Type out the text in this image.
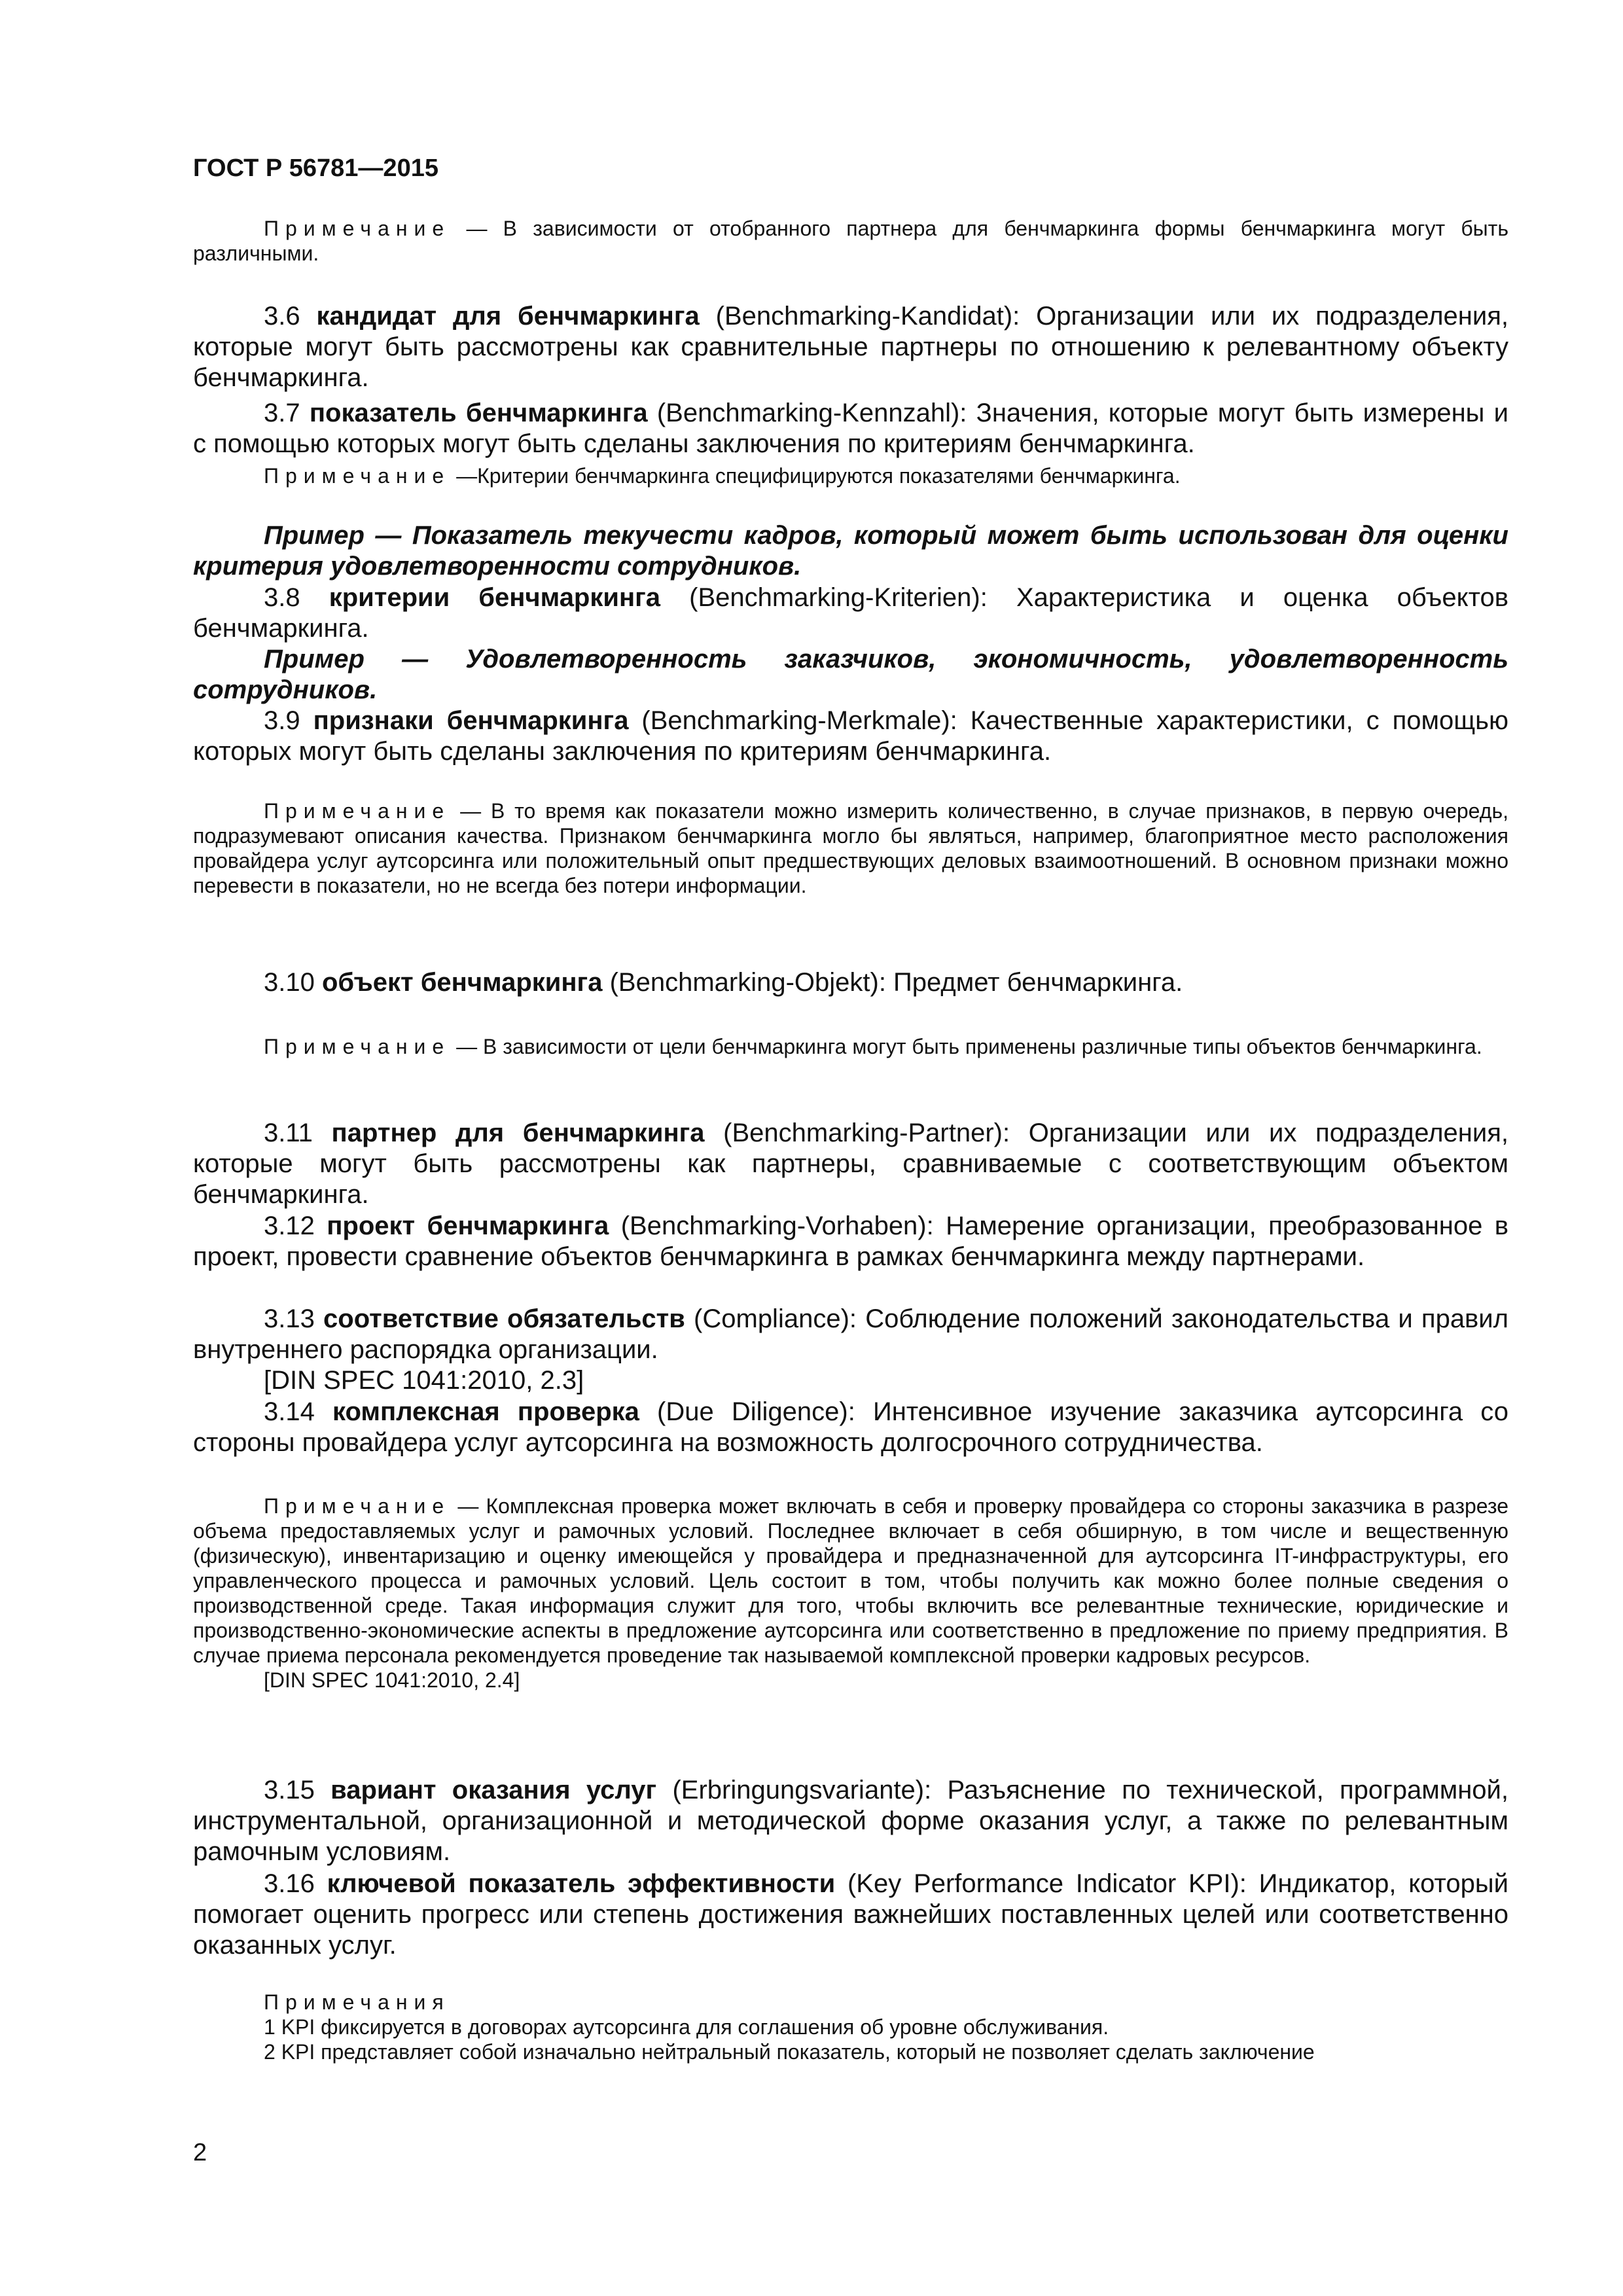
ГОСТ Р 56781—2015

Примечание — В зависимости от отобранного партнера для бенчмаркинга формы бенчмаркинга могут быть различными.

3.6 кандидат для бенчмаркинга (Benchmarking-Kandidat): Организации или их подразделения, которые могут быть рассмотрены как сравнительные партнеры по отношению к релевантному объекту бенчмаркинга.

3.7 показатель бенчмаркинга (Benchmarking-Kennzahl): Значения, которые могут быть измерены и с помощью которых могут быть сделаны заключения по критериям бенчмаркинга.

Примечание —Критерии бенчмаркинга специфицируются показателями бенчмаркинга.

Пример — Показатель текучести кадров, который может быть использован для оценки критерия удовлетворенности сотрудников.

3.8 критерии бенчмаркинга (Benchmarking-Kriterien): Характеристика и оценка объектов бенчмаркинга.

Пример — Удовлетворенность заказчиков, экономичность, удовлетворенность сотрудников.

3.9 признаки бенчмаркинга (Benchmarking-Merkmale): Качественные характеристики, с помощью которых могут быть сделаны заключения по критериям бенчмаркинга.

Примечание — В то время как показатели можно измерить количественно, в случае признаков, в первую очередь, подразумевают описания качества. Признаком бенчмаркинга могло бы являться, например, благоприятное место расположения провайдера услуг аутсорсинга или положительный опыт предшествующих деловых взаимоотношений. В основном признаки можно перевести в показатели, но не всегда без потери информации.

3.10 объект бенчмаркинга (Benchmarking-Objekt): Предмет бенчмаркинга.

Примечание — В зависимости от цели бенчмаркинга могут быть применены различные типы объектов бенчмаркинга.

3.11 партнер для бенчмаркинга (Benchmarking-Partner): Организации или их подразделения, которые могут быть рассмотрены как партнеры, сравниваемые с соответствующим объектом бенчмаркинга.

3.12 проект бенчмаркинга (Benchmarking-Vorhaben): Намерение организации, преобразованное в проект, провести сравнение объектов бенчмаркинга в рамках бенчмаркинга между партнерами.

3.13 соответствие обязательств (Compliance): Соблюдение положений законодательства и правил внутреннего распорядка организации.

[DIN SPEC 1041:2010, 2.3]

3.14 комплексная проверка (Due Diligence): Интенсивное изучение заказчика аутсорсинга со стороны провайдера услуг аутсорсинга на возможность долгосрочного сотрудничества.

Примечание — Комплексная проверка может включать в себя и проверку провайдера со стороны заказчика в разрезе объема предоставляемых услуг и рамочных условий. Последнее включает в себя обширную, в том числе и вещественную (физическую), инвентаризацию и оценку имеющейся у провайдера и предназначенной для аутсорсинга IT-инфраструктуры, его управленческого процесса и рамочных условий. Цель состоит в том, чтобы получить как можно более полные сведения о производственной среде. Такая информация служит для того, чтобы включить все релевантные технические, юридические и производственно-экономические аспекты в предложение аутсорсинга или соответственно в предложение по приему предприятия. В случае приема персонала рекомендуется проведение так называемой комплексной проверки кадровых ресурсов.

[DIN SPEC 1041:2010, 2.4]

3.15 вариант оказания услуг (Erbringungsvariante): Разъяснение по технической, программной, инструментальной, организационной и методической форме оказания услуг, а также по релевантным рамочным условиям.

3.16 ключевой показатель эффективности (Key Performance Indicator KPI): Индикатор, который помогает оценить прогресс или степень достижения важнейших поставленных целей или соответственно оказанных услуг.

Примечания

1 KPI фиксируется в договорах аутсорсинга для соглашения об уровне обслуживания.

2 KPI представляет собой изначально нейтральный показатель, который не позволяет сделать заключение

2
